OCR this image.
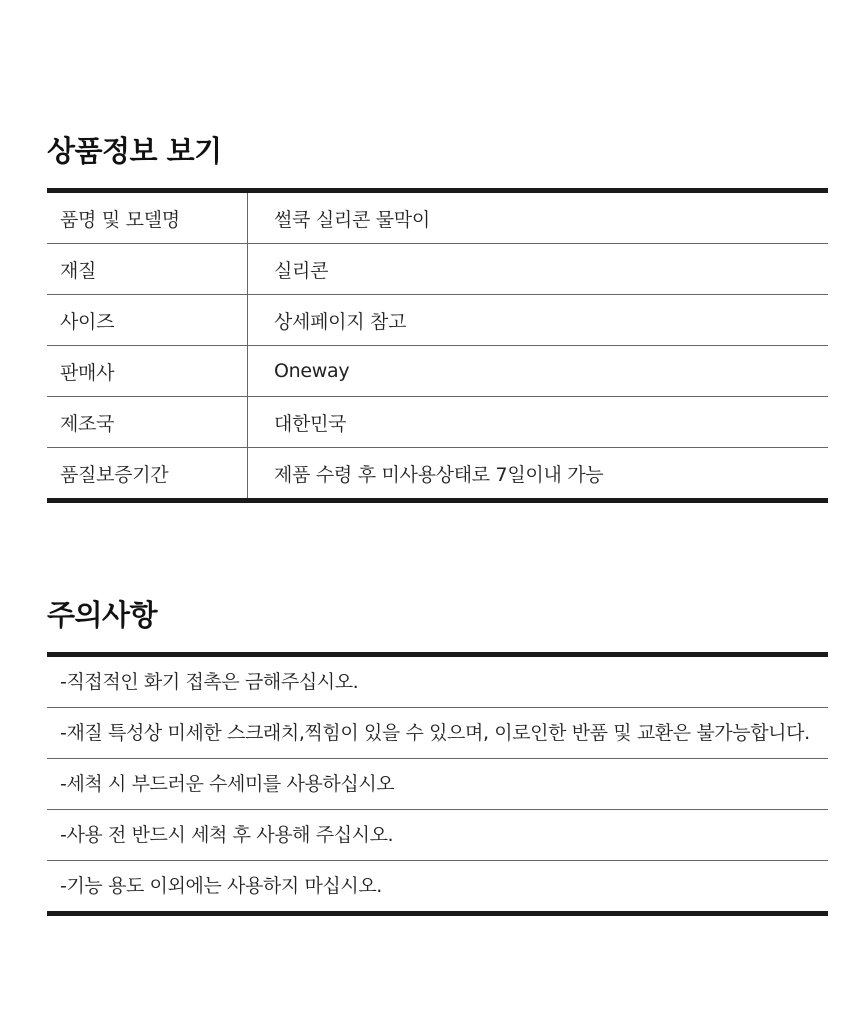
상품정보 보기
품명 및 모델명	썰쿡 실리콘 물막이
재질	실리콘
사이즈	상세페이지 참고
판매사	Oneway
제조국	대한민국
품질보증기간	제품 수령 후 미사용상태로 7일이내 가능
주의사항
-직접적인 화기 접촉은 금해주십시오.
-재질 특성상 미세한 스크래치,찍힘이 있을 수 있으며, 이로인한 반품 및 교환은 불가능합니다.
-세척 시 부드러운 수세미를 사용하십시오
-사용 전 반드시 세척 후 사용해 주십시오.
-기능 용도 이외에는 사용하지 마십시오.
